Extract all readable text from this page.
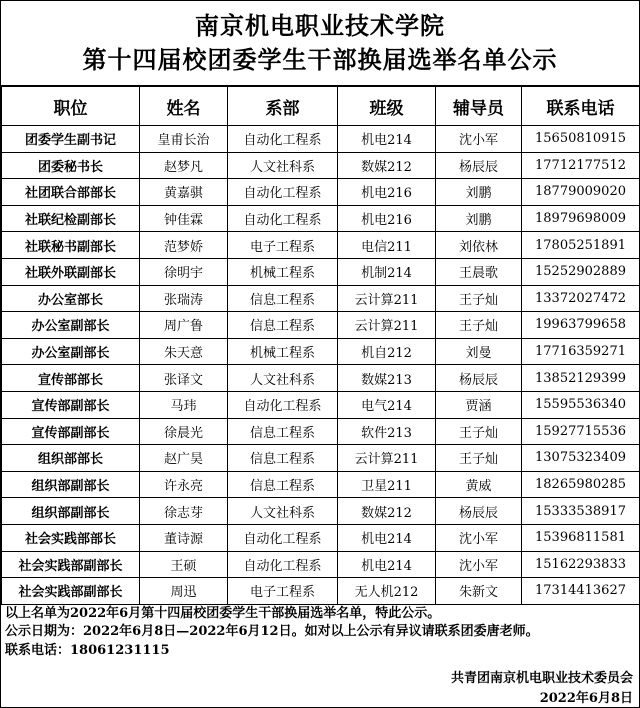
南京机电职业技术学院
第十四届校团委学生干部换届选举名单公示
职位	姓名	系部	班级	辅导员	联系电话
团委学生副书记	皇甫长治	自动化工程系	机电214	沈小军	15650810915
团委秘书长	赵梦凡	人文社科系	数媒212	杨辰辰	17712177512
社团联合部部长	黄嘉骐	自动化工程系	机电216	刘鹏	18779009020
社联纪检副部长	钟佳霖	自动化工程系	机电216	刘鹏	18979698009
社联秘书副部长	范梦娇	电子工程系	电信211	刘依林	17805251891
社联外联副部长	徐明宇	机械工程系	机制214	王晨歌	15252902889
办公室部长	张瑞涛	信息工程系	云计算211	王子灿	13372027472
办公室副部长	周广鲁	信息工程系	云计算211	王子灿	19963799658
办公室副部长	朱天意	机械工程系	机自212	刘曼	17716359271
宣传部部长	张译文	人文社科系	数媒213	杨辰辰	13852129399
宣传部副部长	马玮	自动化工程系	电气214	贾涵	15595536340
宣传部副部长	徐晨光	信息工程系	软件213	王子灿	15927715536
组织部部长	赵广昊	信息工程系	云计算211	王子灿	13075323409
组织部副部长	许永亮	信息工程系	卫星211	黄威	18265980285
组织部副部长	徐志芽	人文社科系	数媒212	杨辰辰	15333538917
社会实践部部长	董诗源	自动化工程系	机电214	沈小军	15396811581
社会实践部副部长	王硕	自动化工程系	机电214	沈小军	15162293833
社会实践部副部长	周迅	电子工程系	无人机212	朱新文	17314413627
以上名单为2022年6月第十四届校团委学生干部换届选举名单，特此公示。
公示日期为：2022年6月8日—2022年6月12日。如对以上公示有异议请联系团委唐老师。
联系电话：18061231115
共青团南京机电职业技术委员会
2022年6月8日
